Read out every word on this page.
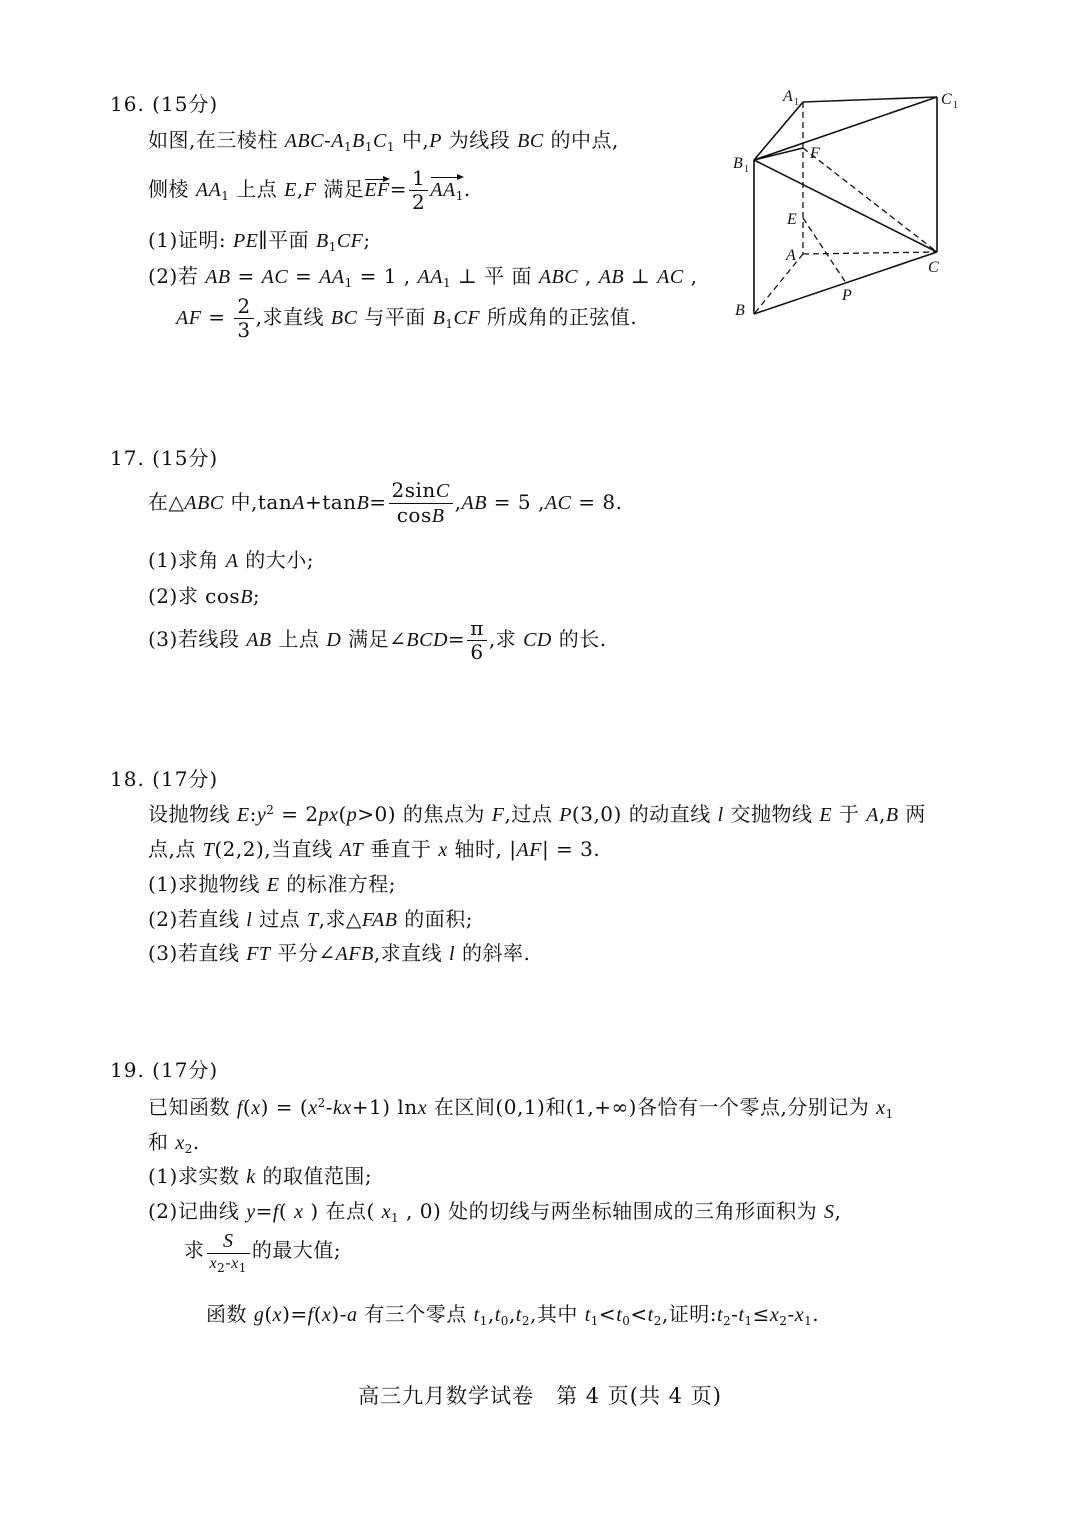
16. (15分)
如图,在三棱柱 ABC-$A_1B_1C_1$ 中,P 为线段 BC 的中点,
侧棱 $AA_1$ 上点 E,F 满足$EF= \frac{1}{2} AA_1$.
(1)证明: PE∥平面 $B_1CF$;
(2)若 AB = AC = $AA_1 = 1$ , $AA_1$ ⊥ 平 面 ABC , AB ⊥ AC ,
AF = $\frac{2}{3}$ ,求直线 BC 与平面 $B_1CF$ 所成角的正弦值.
A 1	C 1
B 1
F
E
A
C
P
B
17. (15分)
在△ABC 中$,\tan A+\tan B= \frac{2\sin C}{\cos B} ,AB = 5$ ,AC = 8.
(1)求角 A 的大小;
(2)求 cosB;
(3)若线段 AB 上点 D 满足∠BCD= $\frac{\pi}{6}$ ,求 CD 的长.
18. (17分)
设抛物线 $E:y^2 = 2px(p>0)$ 的焦点为 F,过点 P(3,0) 的动直线 l 交抛物线 E 于 A,B 两
点,点 T(2,2),当直线 AT 垂直于 x 轴时, |AF| = 3.
(1)求抛物线 E 的标准方程;
(2)若直线 l 过点 T,求△FAB 的面积;
(3)若直线 FT 平分∠AFB,求直线 l 的斜率.
19. (17分)
已知函数 $f(x) = (x^2-kx+1)$ lnx 在区间(0,1)和(1,+∞)各恰有一个零点,分别记为 $x_1$
和 $x_2$.
(1)求实数 k 的取值范围;
(2)记曲线 y=f( x ) 在点( $x_1$ , 0) 处的切线与两坐标轴围成的三角形面积为 S,
求 $\frac{S}{x_2-x_1}$ 的最大值;
函数 g(x)=f(x)-a 有三个零点 $t_1,t_0,t_2$,其中 $t_1<t_0<t_2$,证明$:t_2-t_1\le x_2-x_1$.
高三九月数学试卷　第 4 页(共 4 页)
